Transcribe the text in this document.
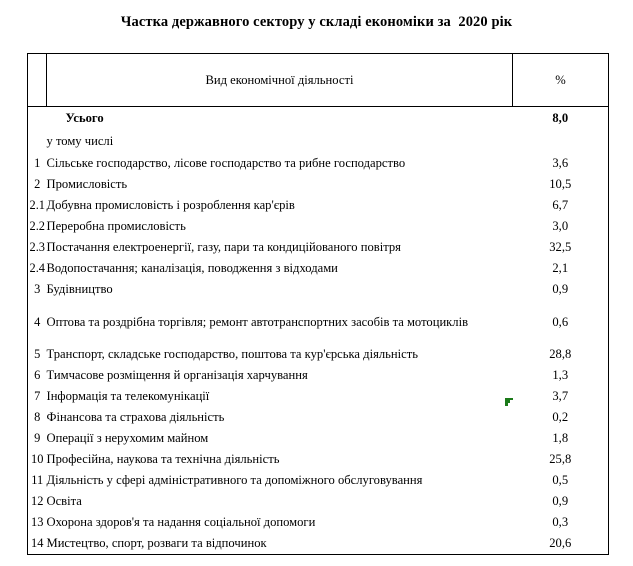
Частка державного сектору у складі економіки за  2020 рік
	Вид економічної діяльності	%
	Усього	8,0
	у тому числі	
1	Сільське господарство, лісове господарство та рибне господарство	3,6
2	Промисловість	10,5
2.1	Добувна промисловість і розроблення кар'єрів	6,7
2.2	Переробна промисловість	3,0
2.3	Постачання електроенергії, газу, пари та кондиційованого повітря	32,5
2.4	Водопостачання; каналізація, поводження з відходами	2,1
3	Будівництво	0,9
4	Оптова та роздрібна торгівля; ремонт автотранспортних засобів та мотоциклів	0,6
5	Транспорт, складське господарство, поштова та кур'єрська діяльність	28,8
6	Тимчасове розміщення й організація харчування	1,3
7	Інформація та телекомунікації	3,7
8	Фінансова та страхова діяльність	0,2
9	Операції з нерухомим майном	1,8
10	Професійна, наукова та технічна діяльність	25,8
11	Діяльність у сфері адміністративного та допоміжного обслуговування	0,5
12	Освіта	0,9
13	Охорона здоров'я та надання соціальної допомоги	0,3
14	Мистецтво, спорт, розваги та відпочинок	20,6
